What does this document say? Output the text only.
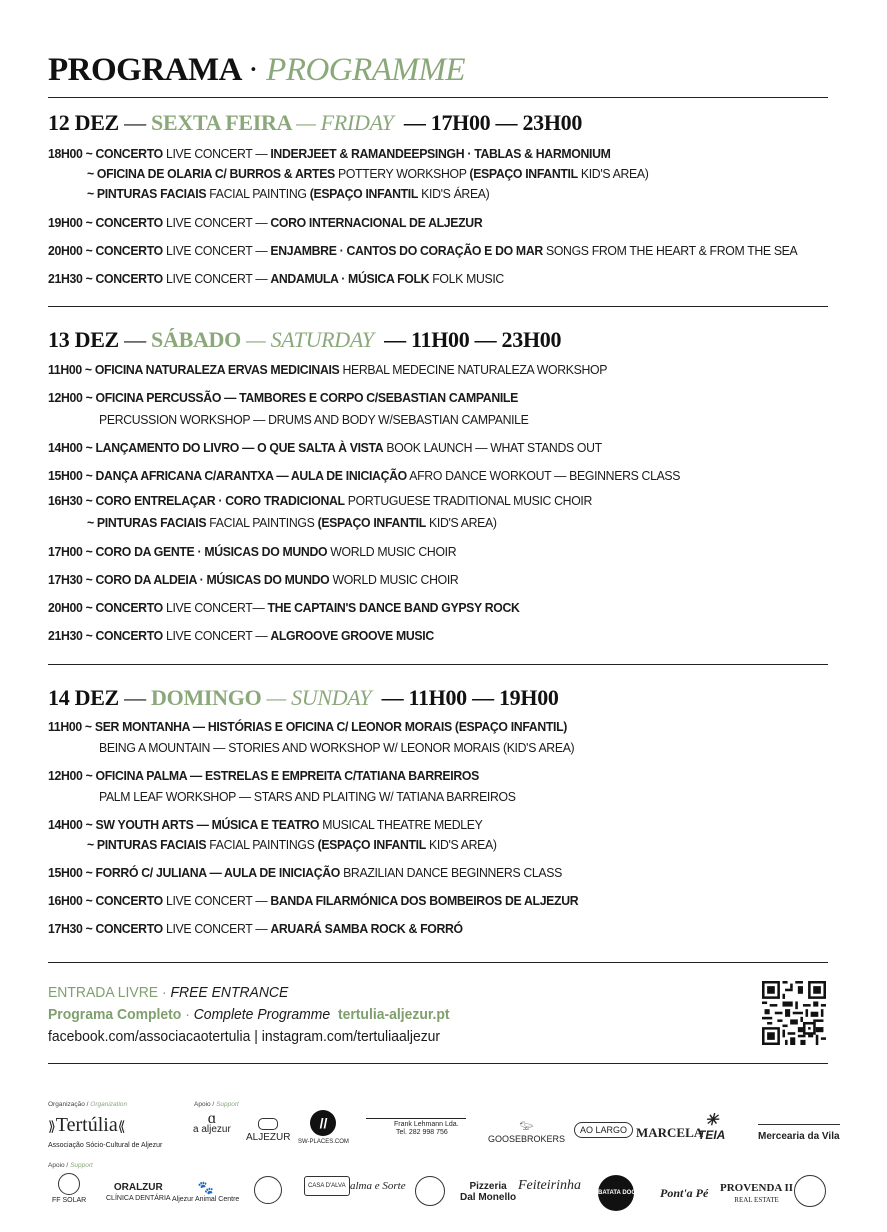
PROGRAMA · PROGRAMME
12 DEZ — SEXTA FEIRA — FRIDAY — 17H00 — 23H00
18H00 ~ CONCERTO LIVE CONCERT — INDERJEET & RAMANDEEPSINGH · TABLAS & HARMONIUM
~ OFICINA DE OLARIA C/ BURROS & ARTES POTTERY WORKSHOP (ESPAÇO INFANTIL KID'S AREA)
~ PINTURAS FACIAIS FACIAL PAINTING (ESPAÇO INFANTIL KID'S ÁREA)
19H00 ~ CONCERTO LIVE CONCERT — CORO INTERNACIONAL DE ALJEZUR
20H00 ~ CONCERTO LIVE CONCERT — ENJAMBRE · CANTOS DO CORAÇÃO E DO MAR SONGS FROM THE HEART & FROM THE SEA
21H30 ~ CONCERTO LIVE CONCERT — ANDAMULA · MÚSICA FOLK FOLK MUSIC
13 DEZ — SÁBADO — SATURDAY — 11H00 — 23H00
11H00 ~ OFICINA NATURALEZA ERVAS MEDICINAIS HERBAL MEDECINE NATURALEZA WORKSHOP
12H00 ~ OFICINA PERCUSSÃO — TAMBORES E CORPO C/SEBASTIAN CAMPANILE
PERCUSSION WORKSHOP — DRUMS AND BODY W/SEBASTIAN CAMPANILE
14H00 ~ LANÇAMENTO DO LIVRO — O QUE SALTA À VISTA BOOK LAUNCH — WHAT STANDS OUT
15H00 ~ DANÇA AFRICANA C/ARANTXA — AULA DE INICIAÇÃO AFRO DANCE WORKOUT — BEGINNERS CLASS
16H30 ~ CORO ENTRELAÇAR · CORO TRADICIONAL PORTUGUESE TRADITIONAL MUSIC CHOIR
~ PINTURAS FACIAIS FACIAL PAINTINGS (ESPAÇO INFANTIL KID'S AREA)
17H00 ~ CORO DA GENTE · MÚSICAS DO MUNDO WORLD MUSIC CHOIR
17H30 ~ CORO DA ALDEIA · MÚSICAS DO MUNDO WORLD MUSIC CHOIR
20H00 ~ CONCERTO LIVE CONCERT— THE CAPTAIN'S DANCE BAND GYPSY ROCK
21H30 ~ CONCERTO LIVE CONCERT — ALGROOVE GROOVE MUSIC
14 DEZ — DOMINGO — SUNDAY — 11H00 — 19H00
11H00 ~ SER MONTANHA — HISTÓRIAS E OFICINA C/ LEONOR MORAIS (ESPAÇO INFANTIL)
BEING A MOUNTAIN — STORIES AND WORKSHOP W/ LEONOR MORAIS (KID'S AREA)
12H00 ~ OFICINA PALMA — ESTRELAS E EMPREITA C/TATIANA BARREIROS
PALM LEAF WORKSHOP — STARS AND PLAITING W/ TATIANA BARREIROS
14H00 ~ SW YOUTH ARTS — MÚSICA E TEATRO MUSICAL THEATRE MEDLEY
~ PINTURAS FACIAIS FACIAL PAINTINGS (ESPAÇO INFANTIL KID'S AREA)
15H00 ~ FORRÓ C/ JULIANA — AULA DE INICIAÇÃO BRAZILIAN DANCE BEGINNERS CLASS
16H00 ~ CONCERTO LIVE CONCERT — BANDA FILARMÓNICA DOS BOMBEIROS DE ALJEZUR
17H30 ~ CONCERTO LIVE CONCERT — ARUARÁ SAMBA ROCK & FORRÓ
ENTRADA LIVRE · FREE ENTRANCE
Programa Completo · Complete Programme tertulia-aljezur.pt
facebook.com/associacaotertulia | instagram.com/tertuliaaljezur
Organização / Organization
⟫Tertúlia⟪
Associação Sócio-Cultural de Aljezur
Apoio / Support
ɑ
a aljezur
ALJEZUR
//
SW-PLACES.COM
Frank Lehmann Lda.
Tel. 282 998 756	𓅰
GOOSEBROKERS
AO LARGO MARCELA
✳
TEIA	Mercearia da Vila
Apoio / Support
FF SOLAR
ORALZUR
CLÍNICA DENTÁRIA
🐾
Aljezur Animal Centre
CASA D'ALVA alma e Sorte	Pizzeria
Dal Monello
Feiteirinha	BATATA DOCE Pont'a Pé PROVENDA II
REAL ESTATE
